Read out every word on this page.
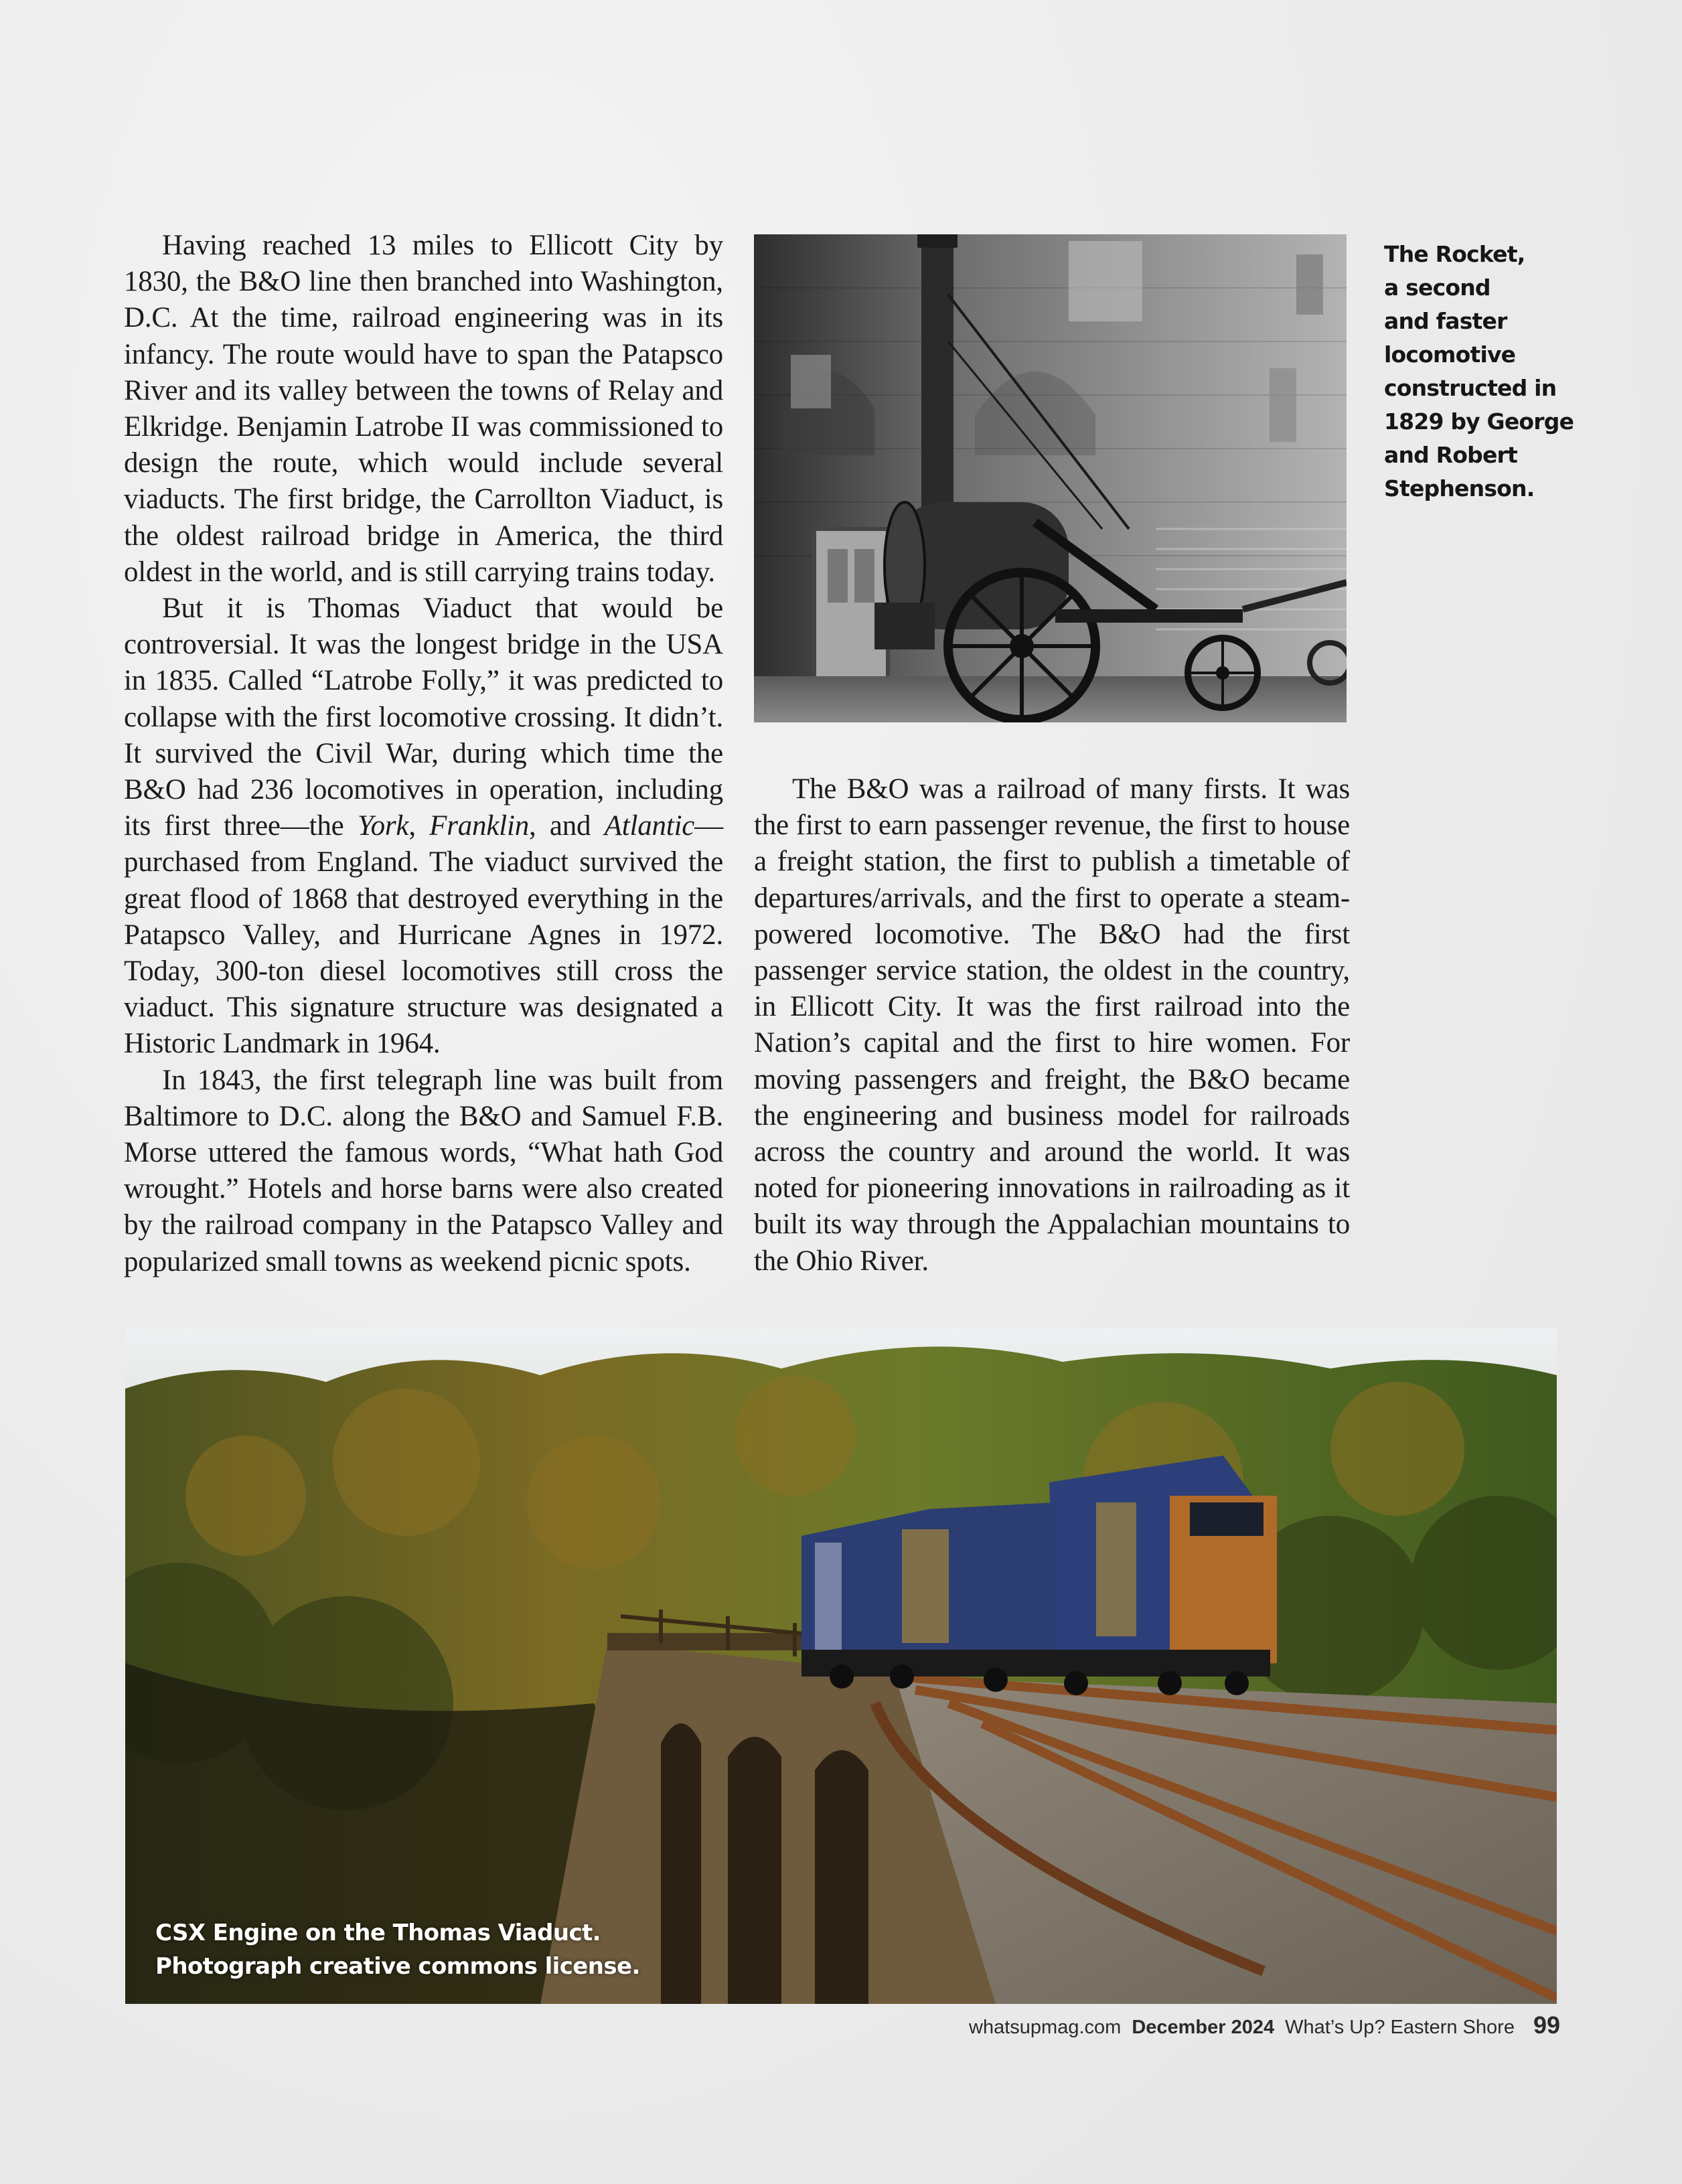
Having reached 13 miles to Ellicott City by 1830, the B&O line then branched into Washington, D.C. At the time, railroad engineering was in its infancy. The route would have to span the Patapsco River and its valley between the towns of Relay and Elkridge. Benjamin Latrobe II was commissioned to design the route, which would include several viaducts. The first bridge, the Carrollton Viaduct, is the oldest railroad bridge in America, the third oldest in the world, and is still carrying trains today.

But it is Thomas Viaduct that would be controversial. It was the longest bridge in the USA in 1835. Called “Latrobe Folly,” it was predicted to collapse with the first locomotive crossing. It didn’t. It survived the Civil War, during which time the B&O had 236 locomotives in operation, including its first three—the York, Franklin, and Atlantic—purchased from England. The viaduct survived the great flood of 1868 that destroyed everything in the Patapsco Valley, and Hurricane Agnes in 1972. Today, 300-ton diesel locomotives still cross the viaduct. This signature structure was designated a Historic Landmark in 1964.

In 1843, the first telegraph line was built from Baltimore to D.C. along the B&O and Samuel F.B. Morse uttered the famous words, “What hath God wrought.” Hotels and horse barns were also created by the railroad company in the Patapsco Valley and popularized small towns as weekend picnic spots.

The Rocket,
a second
and faster
locomotive
constructed in
1829 by George
and Robert
Stephenson.

The B&O was a railroad of many firsts. It was the first to earn passenger revenue, the first to house a freight station, the first to publish a timetable of departures/arrivals, and the first to operate a steam-powered locomotive. The B&O had the first passenger service station, the oldest in the country, in Ellicott City. It was the first railroad into the Nation’s capital and the first to hire women. For moving passengers and freight, the B&O became the engineering and business model for railroads across the country and around the world. It was noted for pioneering innovations in railroading as it built its way through the Appalachian mountains to the Ohio River.

CSX Engine on the Thomas Viaduct.
Photograph creative commons license.
whatsupmag.com December 2024 What’s Up? Eastern Shore 99
